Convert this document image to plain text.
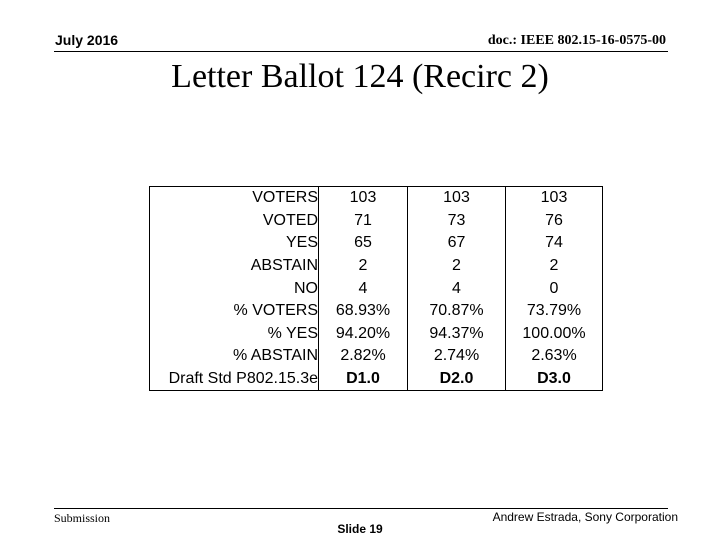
July 2016	doc.: IEEE 802.15-16-0575-00
Letter Ballot 124 (Recirc 2)
VOTERS	103	103	103
VOTED	71	73	76
YES	65	67	74
ABSTAIN	2	2	2
NO	4	4	0
% VOTERS	68.93%	70.87%	73.79%
% YES	94.20%	94.37%	100.00%
% ABSTAIN	2.82%	2.74%	2.63%
Draft Std P802.15.3e	D1.0	D2.0	D3.0
Submission
Slide 19
Andrew Estrada, Sony Corporation
